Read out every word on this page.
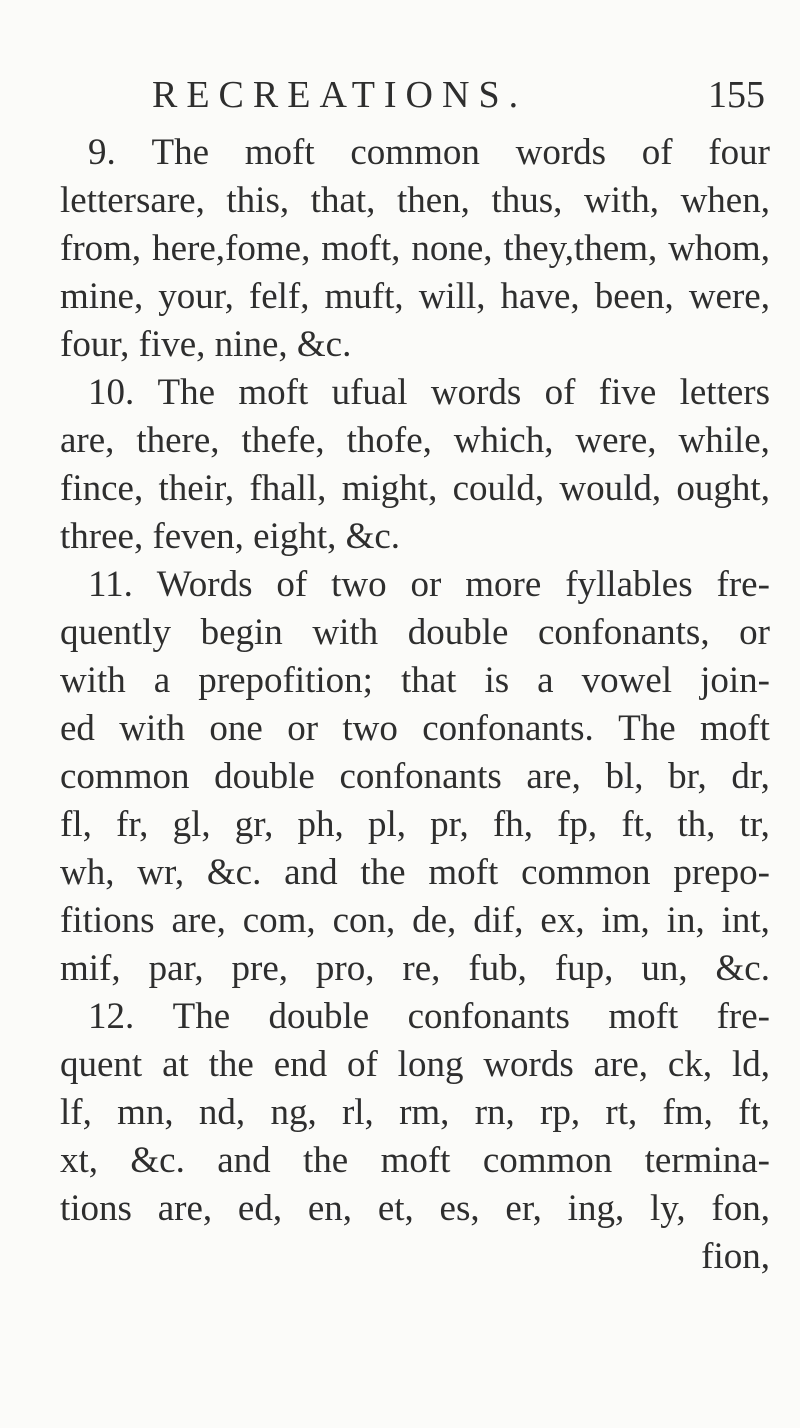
RECREATIONS.	155
9. The moft common words of four
lettersare, this, that, then, thus, with, when,
from, here,fome, moft, none, they,them, whom,
mine, your, felf, muft, will, have, been, were,
four, five, nine, &c.
10. The moft ufual words of five letters
are, there, thefe, thofe, which, were, while,
fince, their, fhall, might, could, would, ought,
three, feven, eight, &c.
11. Words of two or more fyllables fre-
quently begin with double confonants, or
with a prepofition; that is a vowel join-
ed with one or two confonants. The moft
common double confonants are, bl, br, dr,
fl, fr, gl, gr, ph, pl, pr, fh, fp, ft, th, tr,
wh, wr, &c. and the moft common prepo-
fitions are, com, con, de, dif, ex, im, in, int,
mif, par, pre, pro, re, fub, fup, un, &c.
12. The double confonants moft fre-
quent at the end of long words are, ck, ld,
lf, mn, nd, ng, rl, rm, rn, rp, rt, fm, ft,
xt, &c. and the moft common termina-
tions are, ed, en, et, es, er, ing, ly, fon,
fion,
